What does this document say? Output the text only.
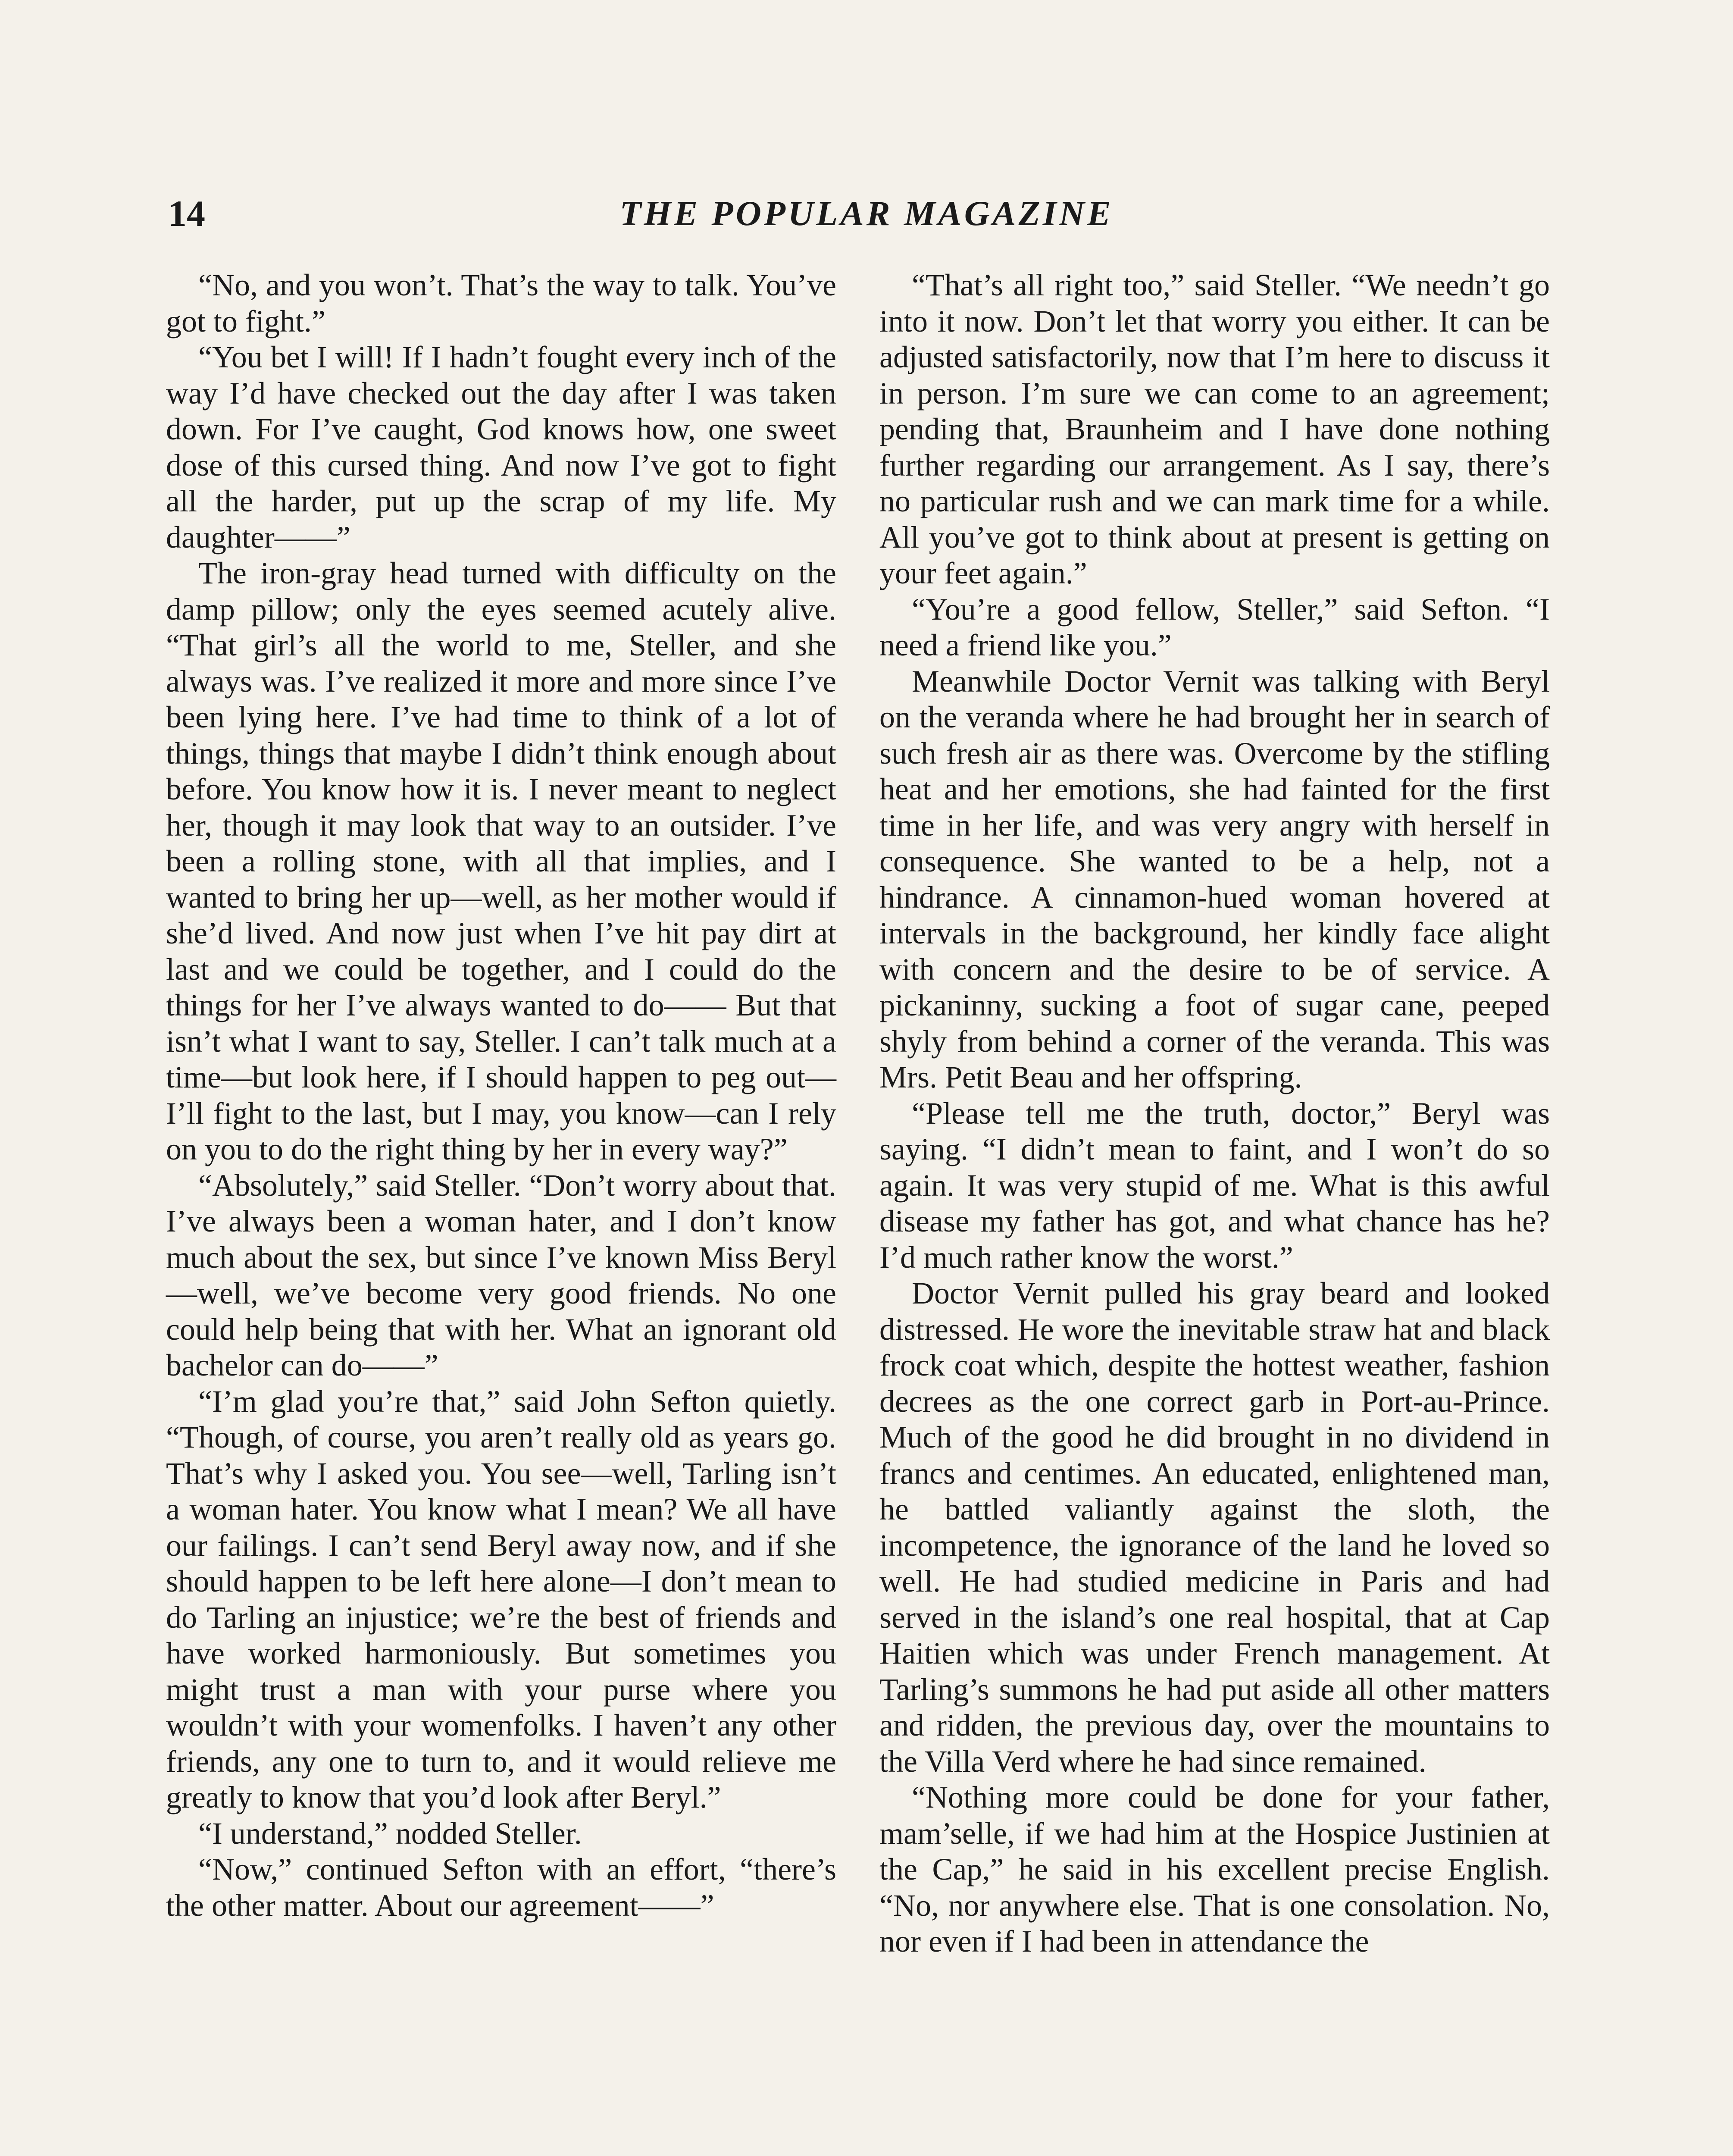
14	THE POPULAR MAGAZINE

“No, and you won’t. That’s the way to talk. You’ve got to fight.”

“You bet I will! If I hadn’t fought every inch of the way I’d have checked out the day after I was taken down. For I’ve caught, God knows how, one sweet dose of this cursed thing. And now I’ve got to fight all the harder, put up the scrap of my life. My daughter——”

The iron-gray head turned with difficulty on the damp pillow; only the eyes seemed acutely alive. “That girl’s all the world to me, Steller, and she always was. I’ve realized it more and more since I’ve been lying here. I’ve had time to think of a lot of things, things that maybe I didn’t think enough about before. You know how it is. I never meant to neglect her, though it may look that way to an outsider. I’ve been a rolling stone, with all that implies, and I wanted to bring her up—well, as her mother would if she’d lived. And now just when I’ve hit pay dirt at last and we could be together, and I could do the things for her I’ve always wanted to do—— But that isn’t what I want to say, Steller. I can’t talk much at a time—but look here, if I should happen to peg out—I’ll fight to the last, but I may, you know—can I rely on you to do the right thing by her in every way?”

“Absolutely,” said Steller. “Don’t worry about that. I’ve always been a woman hater, and I don’t know much about the sex, but since I’ve known Miss Beryl—well, we’ve become very good friends. No one could help being that with her. What an ignorant old bachelor can do——”

“I’m glad you’re that,” said John Sefton quietly. “Though, of course, you aren’t really old as years go. That’s why I asked you. You see—well, Tarling isn’t a woman hater. You know what I mean? We all have our failings. I can’t send Beryl away now, and if she should happen to be left here alone—I don’t mean to do Tarling an injustice; we’re the best of friends and have worked harmoniously. But sometimes you might trust a man with your purse where you wouldn’t with your womenfolks. I haven’t any other friends, any one to turn to, and it would relieve me greatly to know that you’d look after Beryl.”

“I understand,” nodded Steller.

“Now,” continued Sefton with an effort, “there’s the other matter. About our agreement——”

“That’s all right too,” said Steller. “We needn’t go into it now. Don’t let that worry you either. It can be adjusted satisfactorily, now that I’m here to discuss it in person. I’m sure we can come to an agreement; pending that, Braunheim and I have done nothing further regarding our arrangement. As I say, there’s no particular rush and we can mark time for a while. All you’ve got to think about at present is getting on your feet again.”

“You’re a good fellow, Steller,” said Sefton. “I need a friend like you.”

Meanwhile Doctor Vernit was talking with Beryl on the veranda where he had brought her in search of such fresh air as there was. Overcome by the stifling heat and her emotions, she had fainted for the first time in her life, and was very angry with herself in consequence. She wanted to be a help, not a hindrance. A cinnamon-hued woman hovered at intervals in the background, her kindly face alight with concern and the desire to be of service. A pickaninny, sucking a foot of sugar cane, peeped shyly from behind a corner of the veranda. This was Mrs. Petit Beau and her offspring.

“Please tell me the truth, doctor,” Beryl was saying. “I didn’t mean to faint, and I won’t do so again. It was very stupid of me. What is this awful disease my father has got, and what chance has he? I’d much rather know the worst.”

Doctor Vernit pulled his gray beard and looked distressed. He wore the inevitable straw hat and black frock coat which, despite the hottest weather, fashion decrees as the one correct garb in Port-au-Prince. Much of the good he did brought in no dividend in francs and centimes. An educated, enlightened man, he battled valiantly against the sloth, the incompetence, the ignorance of the land he loved so well. He had studied medicine in Paris and had served in the island’s one real hospital, that at Cap Haitien which was under French management. At Tarling’s summons he had put aside all other matters and ridden, the previous day, over the mountains to the Villa Verd where he had since remained.

“Nothing more could be done for your father, mam’selle, if we had him at the Hospice Justinien at the Cap,” he said in his excellent precise English. “No, nor anywhere else. That is one consolation. No, nor even if I had been in attendance the
